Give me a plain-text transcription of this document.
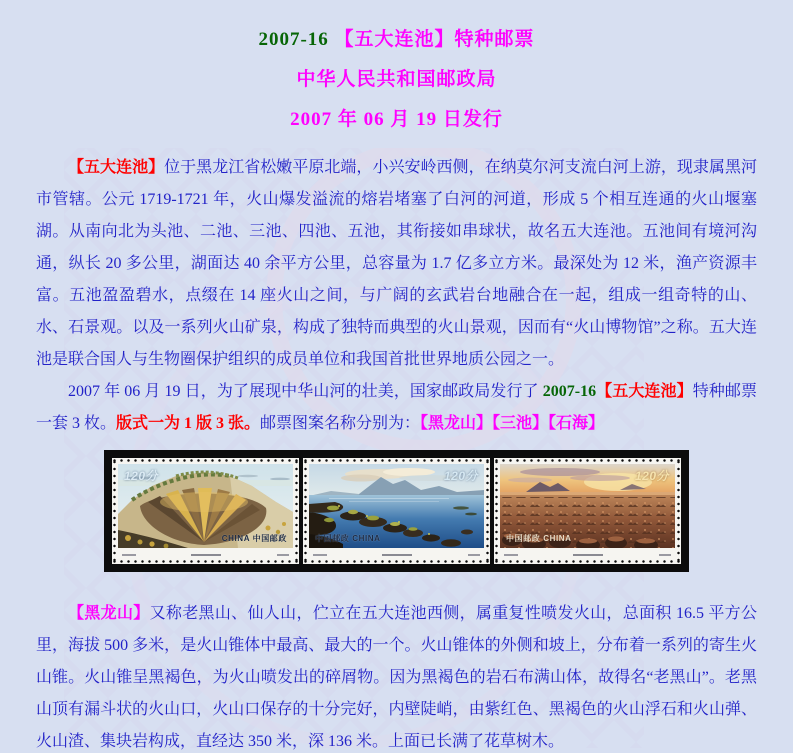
2007-16 【五大连池】特种邮票
中华人民共和国邮政局
2007 年 06 月 19 日发行

【五大连池】位于黑龙江省松嫩平原北端，小兴安岭西侧，在纳莫尔河支流白河上游，现隶属黑河市管辖。公元 1719-1721 年，火山爆发溢流的熔岩堵塞了白河的河道，形成 5 个相互连通的火山堰塞湖。从南向北为头池、二池、三池、四池、五池，其衔接如串球状，故名五大连池。五池间有境河沟通，纵长 20 多公里，湖面达 40 余平方公里，总容量为 1.7 亿多立方米。最深处为 12 米，渔产资源丰富。五池盈盈碧水，点缀在 14 座火山之间，与广阔的玄武岩台地融合在一起，组成一组奇特的山、水、石景观。以及一系列火山矿泉，构成了独特而典型的火山景观，因而有“火山博物馆”之称。五大连池是联合国人与生物圈保护组织的成员单位和我国首批世界地质公园之一。

2007 年 06 月 19 日，为了展现中华山河的壮美，国家邮政局发行了 2007-16【五大连池】特种邮票一套 3 枚。版式一为 1 版 3 张。邮票图案名称分别为：【黑龙山】【三池】【石海】

120分
CHINA 中国邮政
120分
中国邮政 CHINA
120分
中国邮政 CHINA

【黑龙山】又称老黑山、仙人山，伫立在五大连池西侧，属重复性喷发火山，总面积 16.5 平方公里，海拔 500 多米，是火山锥体中最高、最大的一个。火山锥体的外侧和坡上，分布着一系列的寄生火山锥。火山锥呈黑褐色，为火山喷发出的碎屑物。因为黑褐色的岩石布满山体，故得名“老黑山”。老黑山顶有漏斗状的火山口，火山口保存的十分完好，内壁陡峭，由紫红色、黑褐色的火山浮石和火山弹、火山渣、集块岩构成，直经达 350 米，深 136 米。上面已长满了花草树木。
